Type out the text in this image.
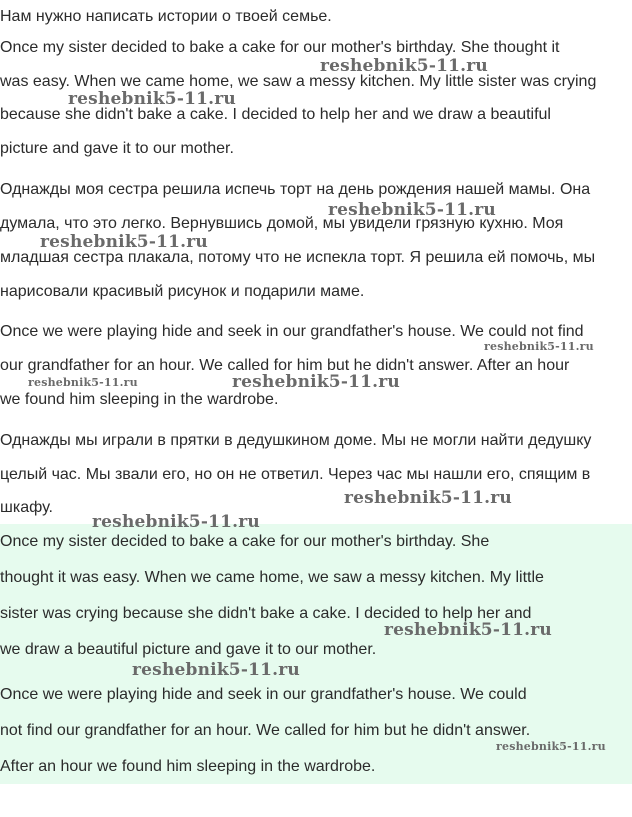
Нам нужно написать истории о твоей семье.

Once my sister decided to bake a cake for our mother's birthday. She thought it

was easy. When we came home, we saw a messy kitchen. My little sister was crying

because she didn't bake a cake. I decided to help her and we draw a beautiful

picture and gave it to our mother.

Однажды моя сестра решила испечь торт на день рождения нашей мамы. Она

думала, что это легко. Вернувшись домой, мы увидели грязную кухню. Моя

младшая сестра плакала, потому что не испекла торт. Я решила ей помочь, мы

нарисовали красивый рисунок и подарили маме.

Once we were playing hide and seek in our grandfather's house. We could not find

our grandfather for an hour. We called for him but he didn't answer. After an hour

we found him sleeping in the wardrobe.

Однажды мы играли в прятки в дедушкином доме. Мы не могли найти дедушку

целый час. Мы звали его, но он не ответил. Через час мы нашли его, спящим в

шкафу.

Once my sister decided to bake a cake for our mother's birthday. She

thought it was easy. When we came home, we saw a messy kitchen. My little

sister was crying because she didn't bake a cake. I decided to help her and

we draw a beautiful picture and gave it to our mother.

Once we were playing hide and seek in our grandfather's house. We could

not find our grandfather for an hour. We called for him but he didn't answer.

After an hour we found him sleeping in the wardrobe.

reshebnik5-11.ru
reshebnik5-11.ru
reshebnik5-11.ru
reshebnik5-11.ru
reshebnik5-11.ru
reshebnik5-11.ru	reshebnik5-11.ru
reshebnik5-11.ru
reshebnik5-11.ru
reshebnik5-11.ru
reshebnik5-11.ru
reshebnik5-11.ru
